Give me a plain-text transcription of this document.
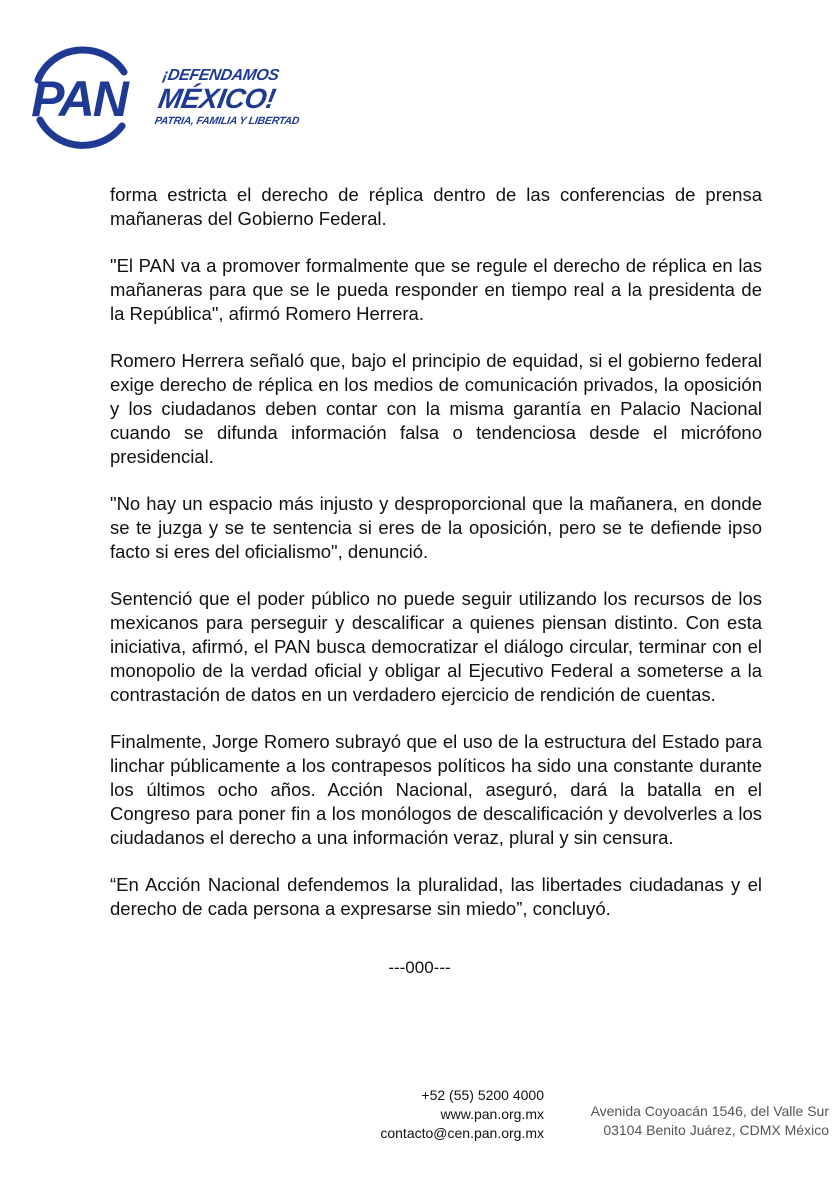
PAN ¡DEFENDAMOS
MÉXICO!
PATRIA, FAMILIA Y LIBERTAD

forma estricta el derecho de réplica dentro de las conferencias de prensa mañaneras del Gobierno Federal.

"El PAN va a promover formalmente que se regule el derecho de réplica en las mañaneras para que se le pueda responder en tiempo real a la presidenta de la República", afirmó Romero Herrera.

Romero Herrera señaló que, bajo el principio de equidad, si el gobierno federal exige derecho de réplica en los medios de comunicación privados, la oposición y los ciudadanos deben contar con la misma garantía en Palacio Nacional cuando se difunda información falsa o tendenciosa desde el micrófono presidencial.

"No hay un espacio más injusto y desproporcional que la mañanera, en donde se te juzga y se te sentencia si eres de la oposición, pero se te defiende ipso facto si eres del oficialismo", denunció.

Sentenció que el poder público no puede seguir utilizando los recursos de los mexicanos para perseguir y descalificar a quienes piensan distinto. Con esta iniciativa, afirmó, el PAN busca democratizar el diálogo circular, terminar con el monopolio de la verdad oficial y obligar al Ejecutivo Federal a someterse a la contrastación de datos en un verdadero ejercicio de rendición de cuentas.

Finalmente, Jorge Romero subrayó que el uso de la estructura del Estado para linchar públicamente a los contrapesos políticos ha sido una constante durante los últimos ocho años. Acción Nacional, aseguró, dará la batalla en el Congreso para poner fin a los monólogos de descalificación y devolverles a los ciudadanos el derecho a una información veraz, plural y sin censura.

“En Acción Nacional defendemos la pluralidad, las libertades ciudadanas y el derecho de cada persona a expresarse sin miedo”, concluyó.

---000---
+52 (55) 5200 4000
www.pan.org.mx
contacto@cen.pan.org.mx
Avenida Coyoacán 1546, del Valle Sur
03104 Benito Juárez, CDMX México
